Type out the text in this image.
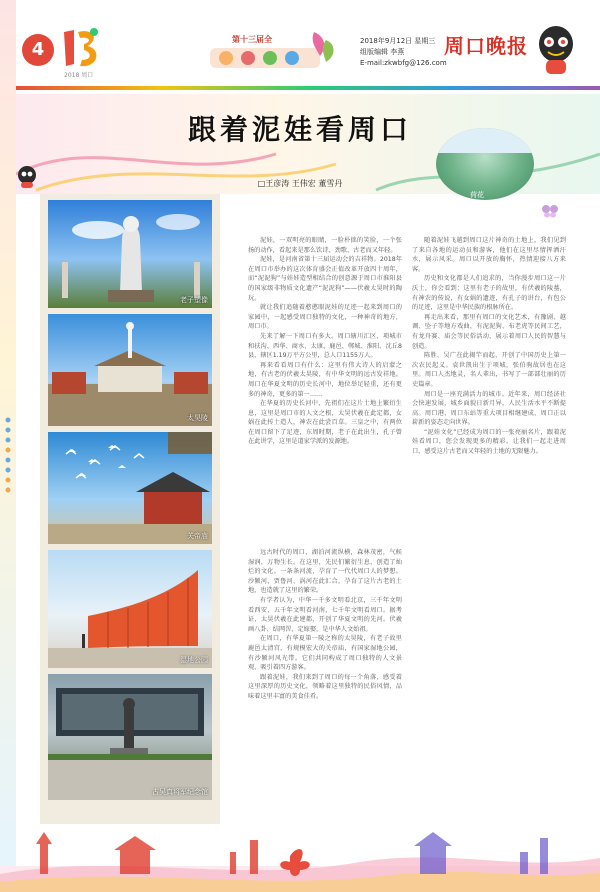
4
2018 周口
第十三届全	2018年9月12日 星期三
组版编辑 李燕
E-mail:zkwbfg@126.com
周口晚报
跟着泥娃看周口
荷花
□王彦涛 王伟宏 董雪丹
老子塑像
太昊陵
关帝庙
湿地公园
古吴真将军纪念馆

泥娃，一双明亮的眼睛，一脸朴拙的笑脸，一个张扬的动作，看起来是那么饮诗、劲歌、古老而又年轻。

泥娃，是河南省第十三届运动会的吉祥物。2018年在周口市举办的这次体育盛会正值改革开放四十周年，而“泥泥狗”与娃娃造型相结合的创意源于周口市淮阳县的国家级非物质文化遗产“泥泥狗”——伏羲太昊时的陶玩。

就让我们追随着憨憨眼泥娃的足迹一起来到周口的家园中，一起感受周口独特的文化，一种神奇的地方，周口市。

先来了解一下周口有多大。周口辖川汇区、项城市和扶沟、西华、商水、太康、鹿邑、郸城、淮阳、沈丘8县，辖区1.19万平方公里，总人口1155万人。

再来看看周口有什么：这里有伟大诗人的启蒙之地，有古老的伏羲太昊陵，有中华文明的远古发祥地。周口在华夏文明的历史长河中，地位举足轻重，还有更多的神奇，更多的第一……

在华夏的历史长河中，先祖们在这片土地上繁衍生息，这里是周口市的人文之根，太昊伏羲在此定都，女娲在此抟土造人，神农在此尝百草。三皇之中，有两位在周口留下了足迹，东周时期，老子在此出生，孔子曾在此讲学，这里是道家学派的发源地。

远古时代的周口，湖泊河流纵横，森林茂密，气候湿润，万物生长。在这里，先民们繁衍生息，创造了灿烂的文化。一条条河流，孕育了一代代周口人的梦想。沙颍河、贾鲁河、涡河在此汇合，孕育了这片古老的土地，也造就了这里的繁荣。

有学者认为，中华一千多文明看北京，三千年文明看西安，五千年文明看河南，七千年文明看周口。据考证，太昊伏羲在此建都，开创了华夏文明的先河。伏羲画八卦、结网罟、定嫁娶，是中华人文始祖。

在周口，有华夏第一陵之称的太昊陵，有老子故里鹿邑太清宫，有规模宏大的关帝庙，有国家湿地公园，有沙颍河风光带。它们共同构成了周口独特的人文景观，吸引着四方游客。

跟着泥娃，我们来到了周口的每一个角落，感受着这里深厚的历史文化，领略着这里独特的民俗风情，品味着这里丰富的美食佳肴。

随着泥娃飞越到周口这片神奇的土地上，我们见到了来自各地的运动员和游客，他们在这里尽情挥洒汗水，展示风采。周口以开放的胸怀，热情迎接八方来客。

历史和文化都是人们追求的，当你漫步周口这一片沃土，你会看到：这里有老子的故里，有伏羲的陵墓，有神农的传说，有女娲的遗迹，有孔子的讲台，有包公的足迹，这里是中华民族的根脉所在。

再走出来看，那里有周口的文化艺术，有豫剧、越调、坠子等地方戏曲，有泥泥狗、布老虎等民间工艺，有龙舟赛、庙会等民俗活动，展示着周口人民的智慧与创造。

陈胜、吴广在此揭竿而起，开创了中国历史上第一次农民起义。袁世凯出生于项城，张伯驹故居也在这里。周口人杰地灵，名人辈出，书写了一部部壮丽的历史篇章。

周口是一座充满活力的城市。近年来，周口经济社会快速发展，城乡面貌日新月异，人民生活水平不断提高。周口港、周口东站等重大项目相继建成，周口正以崭新的姿态走向世界。

“泥娃文化”已经成为周口的一张亮丽名片，跟着泥娃看周口，您会发现更多的精彩。让我们一起走进周口，感受这片古老而又年轻的土地的无限魅力。
